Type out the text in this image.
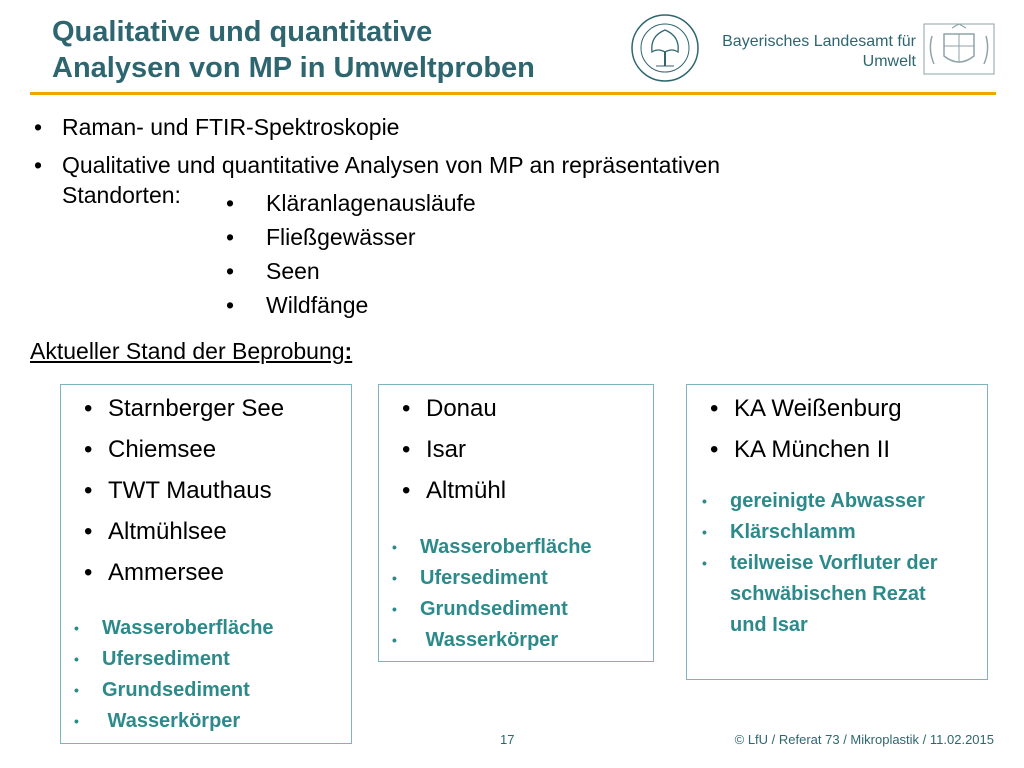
Qualitative und quantitative
Analysen von MP in Umweltproben
Bayerisches Landesamt für
Umwelt
• Raman- und FTIR-Spektroskopie
• Qualitative und quantitative Analysen von MP an repräsentativen
Standorten:
•	Kläranlagenausläufe
• Fließgewässer
• Seen
• Wildfänge

Aktueller Stand der Beprobung:

• Starnberger See
• Chiemsee
• TWT Mauthaus
• Altmühlsee
• Ammersee
• Wasseroberfläche
• Ufersediment
• Grundsediment
•  Wasserkörper
• Donau
• Isar
• Altmühl
• Wasseroberfläche
• Ufersediment
• Grundsediment
•  Wasserkörper
• KA Weißenburg
• KA München II
• gereinigte Abwasser
• Klärschlamm
• teilweise Vorfluter der schwäbischen Rezat und Isar
17	© LfU / Referat 73 / Mikroplastik / 11.02.2015
